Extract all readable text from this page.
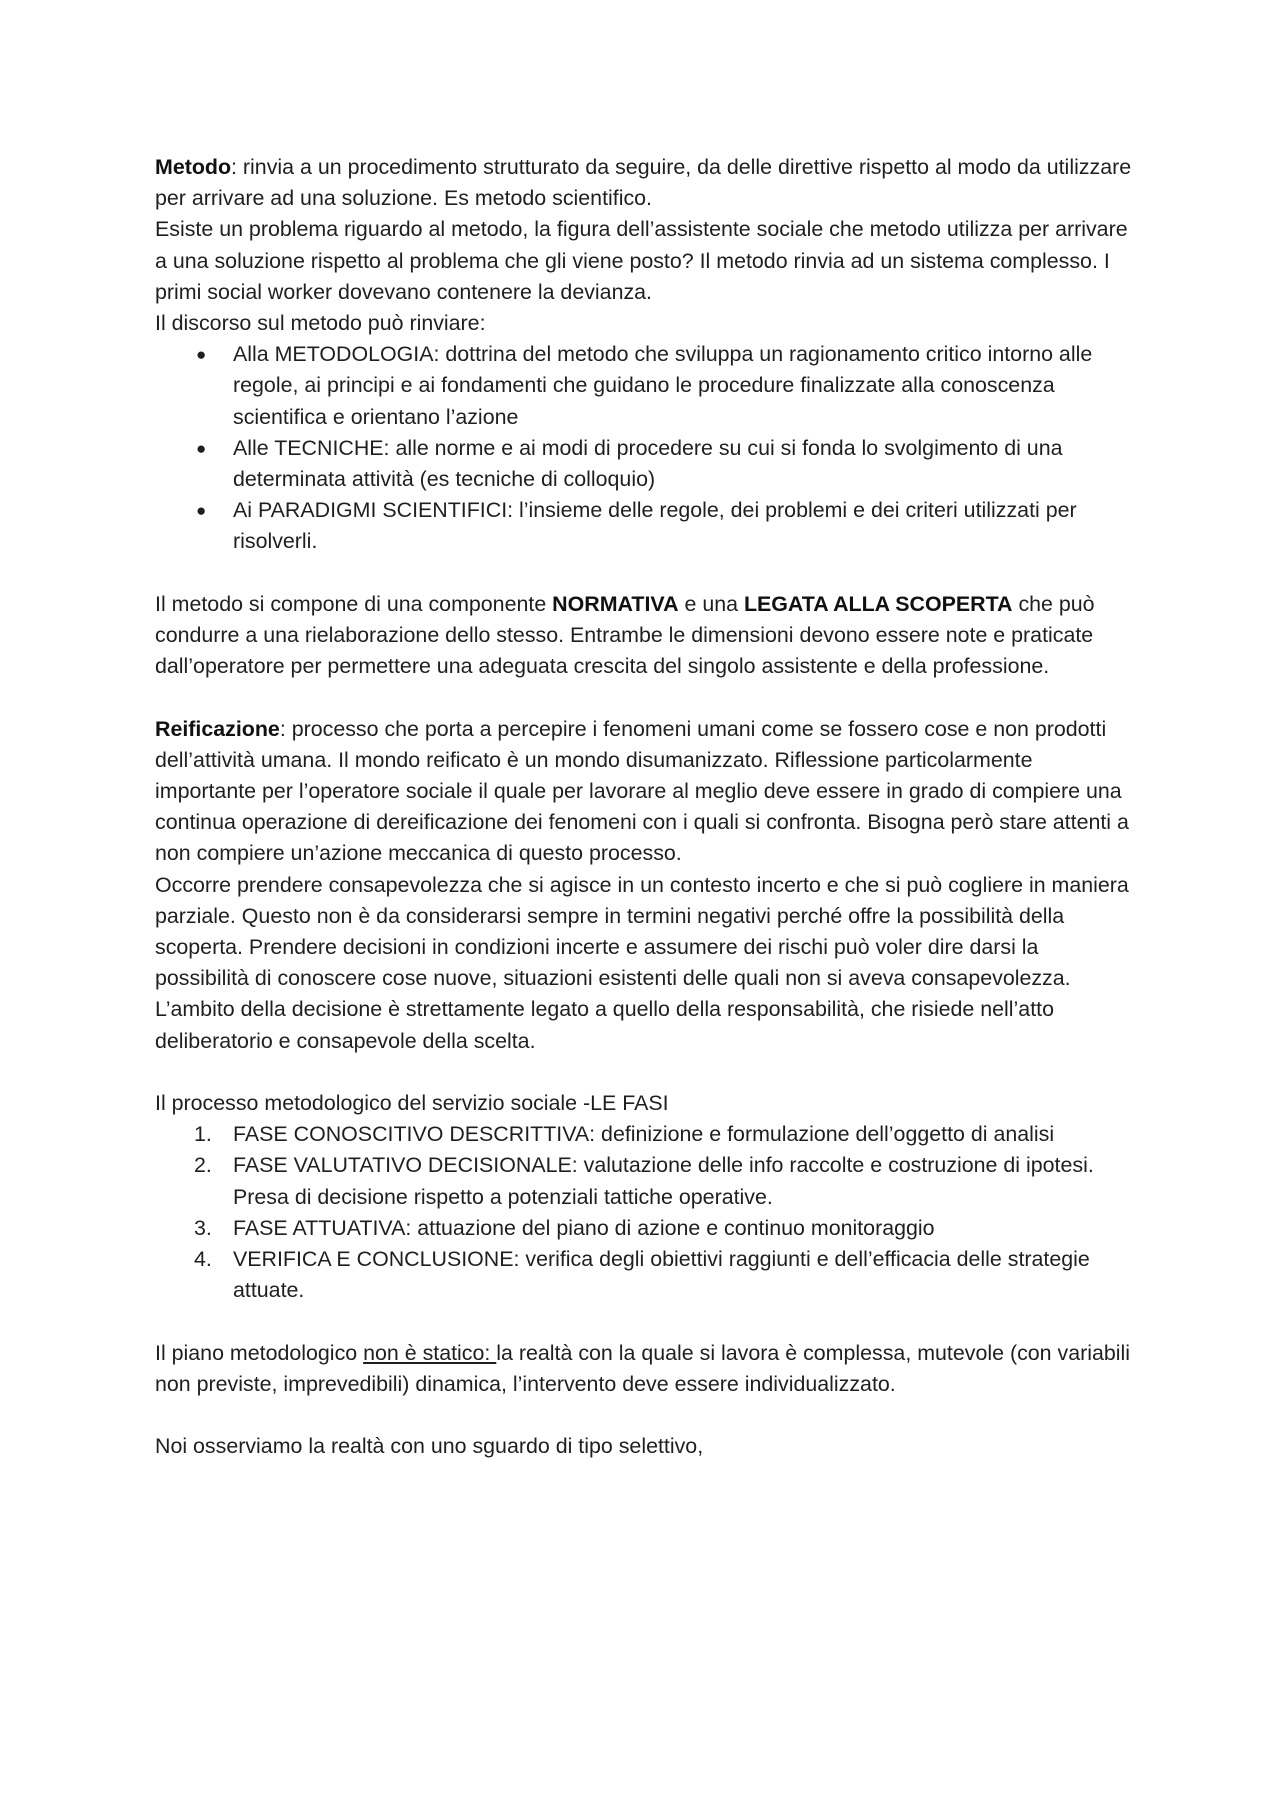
Metodo: rinvia a un procedimento strutturato da seguire, da delle direttive rispetto al modo da utilizzare per arrivare ad una soluzione. Es metodo scientifico.

Esiste un problema riguardo al metodo, la figura dell’assistente sociale che metodo utilizza per arrivare a una soluzione rispetto al problema che gli viene posto? Il metodo rinvia ad un sistema complesso. I primi social worker dovevano contenere la devianza.

Il discorso sul metodo può rinviare:

● Alla METODOLOGIA: dottrina del metodo che sviluppa un ragionamento critico intorno alle regole, ai principi e ai fondamenti che guidano le procedure finalizzate alla conoscenza scientifica e orientano l’azione
● Alle TECNICHE: alle norme e ai modi di procedere su cui si fonda lo svolgimento di una determinata attività (es tecniche di colloquio)
● Ai PARADIGMI SCIENTIFICI: l’insieme delle regole, dei problemi e dei criteri utilizzati per risolverli.

Il metodo si compone di una componente NORMATIVA e una LEGATA ALLA SCOPERTA che può condurre a una rielaborazione dello stesso. Entrambe le dimensioni devono essere note e praticate dall’operatore per permettere una adeguata crescita del singolo assistente e della professione.

Reificazione: processo che porta a percepire i fenomeni umani come se fossero cose e non prodotti dell’attività umana. Il mondo reificato è un mondo disumanizzato. Riflessione particolarmente importante per l’operatore sociale il quale per lavorare al meglio deve essere in grado di compiere una continua operazione di dereificazione dei fenomeni con i quali si confronta. Bisogna però stare attenti a non compiere un’azione meccanica di questo processo.

Occorre prendere consapevolezza che si agisce in un contesto incerto e che si può cogliere in maniera parziale. Questo non è da considerarsi sempre in termini negativi perché offre la possibilità della scoperta. Prendere decisioni in condizioni incerte e assumere dei rischi può voler dire darsi la possibilità di conoscere cose nuove, situazioni esistenti delle quali non si aveva consapevolezza. L’ambito della decisione è strettamente legato a quello della responsabilità, che risiede nell’atto deliberatorio e consapevole della scelta.

Il processo metodologico del servizio sociale -LE FASI

1. FASE CONOSCITIVO DESCRITTIVA: definizione e formulazione dell’oggetto di analisi
2. FASE VALUTATIVO DECISIONALE: valutazione delle info raccolte e costruzione di ipotesi. Presa di decisione rispetto a potenziali tattiche operative.
3. FASE ATTUATIVA: attuazione del piano di azione e continuo monitoraggio
4. VERIFICA E CONCLUSIONE: verifica degli obiettivi raggiunti e dell’efficacia delle strategie attuate.

Il piano metodologico non è statico: la realtà con la quale si lavora è complessa, mutevole (con variabili non previste, imprevedibili) dinamica, l’intervento deve essere individualizzato.

Noi osserviamo la realtà con uno sguardo di tipo selettivo,
